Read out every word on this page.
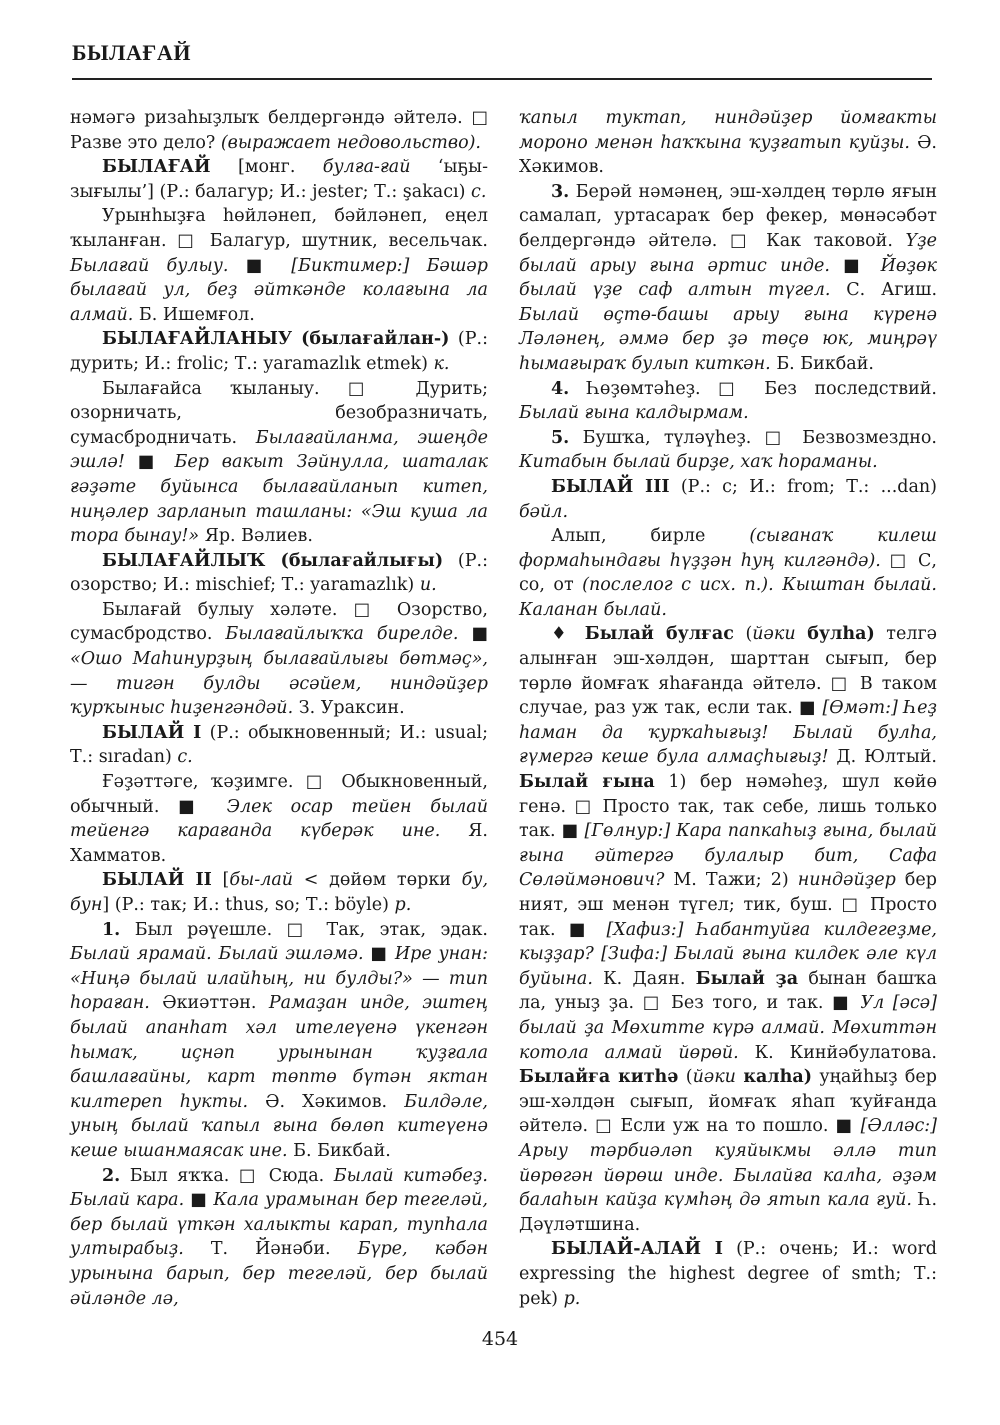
БЫЛАҒАЙ

нәмәгә ризаһыҙлыҡ белдергәндә әйтелә. □ Разве это дело? (выражает недовольство).

БЫЛАҒАЙ [монг. булға-ғай ‘ыҕы-зығылы’] (Р.: балагур; И.: jester; Т.: şakacı) с.

Урынһыҙға һөйләнеп, бәйләнеп, еңел ҡыланған. □ Балагур, шутник, весельчак. Былағай булыу. ■ [Биктимер:] Бәшәр былағай ул, беҙ әйткәнде колағына ла алмай. Б. Ишемғол.

БЫЛАҒАЙЛАНЫУ (былағайлан-) (Р.: дурить; И.: frolic; Т.: yaramazlık etmek) к.

Былағайса ҡыланыу. □ Дурить; озорничать, безобразничать, сумасбродничать. Былағайланма, эшеңде эшлә! ■ Бер вакыт Зәйнулла, шаталак ғәҙәте буйынса былағайланып китеп, ниңәлер зарланып ташланы: «Эш куша ла тора бынау!» Яр. Вәлиев.

БЫЛАҒАЙЛЫҠ (былағайлығы) (Р.: озорство; И.: mischief; Т.: yaramazlık) и.

Былағай булыу хәләте. □ Озорство, сумасбродство. Былағайлыҡҡа бирелде. ■ «Ошо Маһинурҙың былағайлығы бөтмәҫ», — тигән булды әсәйем, ниндәйҙер ҡурҡыныс һиҙенгәндәй. З. Ураксин.

БЫЛАЙ I (Р.: обыкновенный; И.: usual; Т.: sıradan) с.

Ғәҙәттәге, ҡәҙимге. □ Обыкновенный, обычный. ■ Элек осар тейен былай тейенгә карағанда күберәк ине. Я. Хамматов.

БЫЛАЙ II [бы-лай < дөйөм төрки бу, бун] (Р.: так; И.: thus, so; Т.: böyle) р.

1. Был рәүешле. □ Так, этак, эдак. Былай ярамай. Былай эшләмә. ■ Ире унан: «Ниңә былай илайһың, ни булды?» — тип һораған. Әкиәттән. Рамаҙан инде, эштең былай апанһат хәл ителеүенә үкенгән һымаҡ, иҫнәп урынынан ҡуҙғала башлағайны, карт төптө бүтән яктан килтереп һукты. Ә. Хәкимов. Билдәле, уның былай ҡапыл ғына бөлөп китеүенә кеше ышанмаясак ине. Б. Бикбай.

2. Был яҡҡа. □ Сюда. Былай китәбеҙ. Былай кара. ■ Кала урамынан бер тегеләй, бер былай үткән халыкты карап, тупһала ултырабыҙ. Т. Йәнәби. Бүре, кәбән урынына барып, бер тегеләй, бер былай әйләнде лә,

ҡапыл туктап, ниндәйҙер йомғакты мороно менән һаҡҡына ҡуҙғатып куйҙы. Ә. Хәкимов.

3. Берәй нәмәнең, эш-хәлдең төрлө яғын самалап, уртасараҡ бер фекер, мөнәсәбәт белдергәндә әйтелә. □ Как таковой. Үҙе былай арыу ғына әртис инде. ■ Йөҙөк былай үҙе саф алтын түгел. С. Агиш. Былай өҫтө-башы арыу ғына күренә Ләләнең, әммә бер ҙә төҫө юк, миңрәү һымағыраҡ булып киткән. Б. Бикбай.

4. Һөҙөмтәһеҙ. □ Без последствий. Былай ғына калдырмам.

5. Бушҡа, түләүһеҙ. □ Безвозмездно. Китабын былай бирҙе, хаҡ һораманы.

БЫЛАЙ III (Р.: с; И.: from; Т.: ...dan) бәйл.

Алып, бирле (сығанаҡ килеш формаһындағы һүҙҙән һуң килгәндә). □ С, со, от (послелог с исх. п.). Кыштан былай. Каланан былай.

♦ Былай булғас (йәки булһа) телгә алынған эш-хәлдән, шарттан сығып, бер төрлө йомғаҡ яһағанда әйтелә. □ В таком случае, раз уж так, если так. ■ [Өмәт:] Һеҙ һаман да ҡурҡаһығыҙ! Былай булһа, ғүмергә кеше була алмаҫһығыҙ! Д. Юлтый. Былай ғына 1) бер нәмәһеҙ, шул көйө генә. □ Просто так, так себе, лишь только так. ■ [Гөлнур:] Кара папкаһыҙ ғына, былай ғына әйтергә булалыр бит, Сафа Сөләймәнович? М. Тажи; 2) ниндәйҙер бер ният, эш менән түгел; тик, буш. □ Просто так. ■ [Хафиз:] Һабантуйға килдегеҙме, кыҙҙар? [Зифа:] Былай ғына килдек әле күл буйына. К. Даян. Былай ҙа бынан башҡа ла, уныҙ ҙа. □ Без того, и так. ■ Ул [әсә] былай ҙа Мөхитте күрә алмай. Мөхиттән котола алмай йөрөй. К. Кинйәбулатова. Былайға китһә (йәки калһа) уңайһыҙ бер эш-хәлдән сығып, йомғаҡ яһап ҡуйғанда әйтелә. □ Если уж на то пошло. ■ [Әлләс:] Арыу тәрбиәләп куяйыкмы әллә тип йөрөгән йөрөш инде. Былайға калһа, әҙәм балаһын кайҙа күмһәң дә ятып кала ғуй. Һ. Дәүләтшина.

БЫЛАЙ-АЛАЙ I (Р.: очень; И.: word expressing the highest degree of smth; Т.: pek) р.

454
